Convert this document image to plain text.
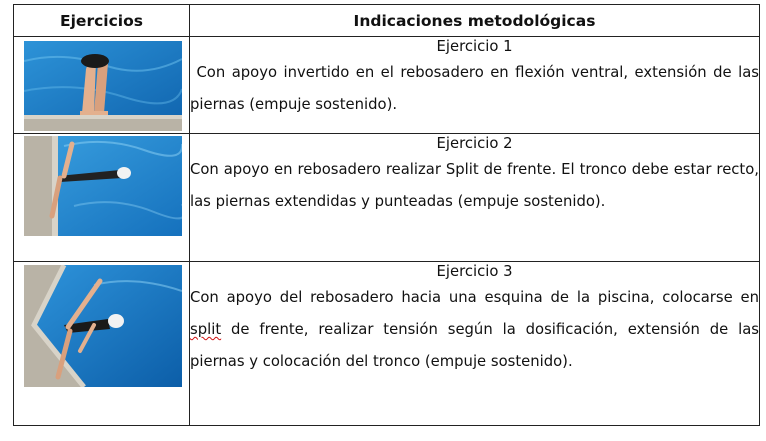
Ejercicios	Indicaciones metodológicas

Ejercicio 1
Con apoyo invertido en el rebosadero en flexión ventral, extensión de las piernas (empuje sostenido).

Ejercicio 2
Con apoyo en rebosadero realizar Split de frente. El tronco debe estar recto, las piernas extendidas y punteadas (empuje sostenido).

Ejercicio 3
Con apoyo del rebosadero hacia una esquina de la piscina, colocarse en split de frente, realizar tensión según la dosificación, extensión de las piernas y colocación del tronco (empuje sostenido).
